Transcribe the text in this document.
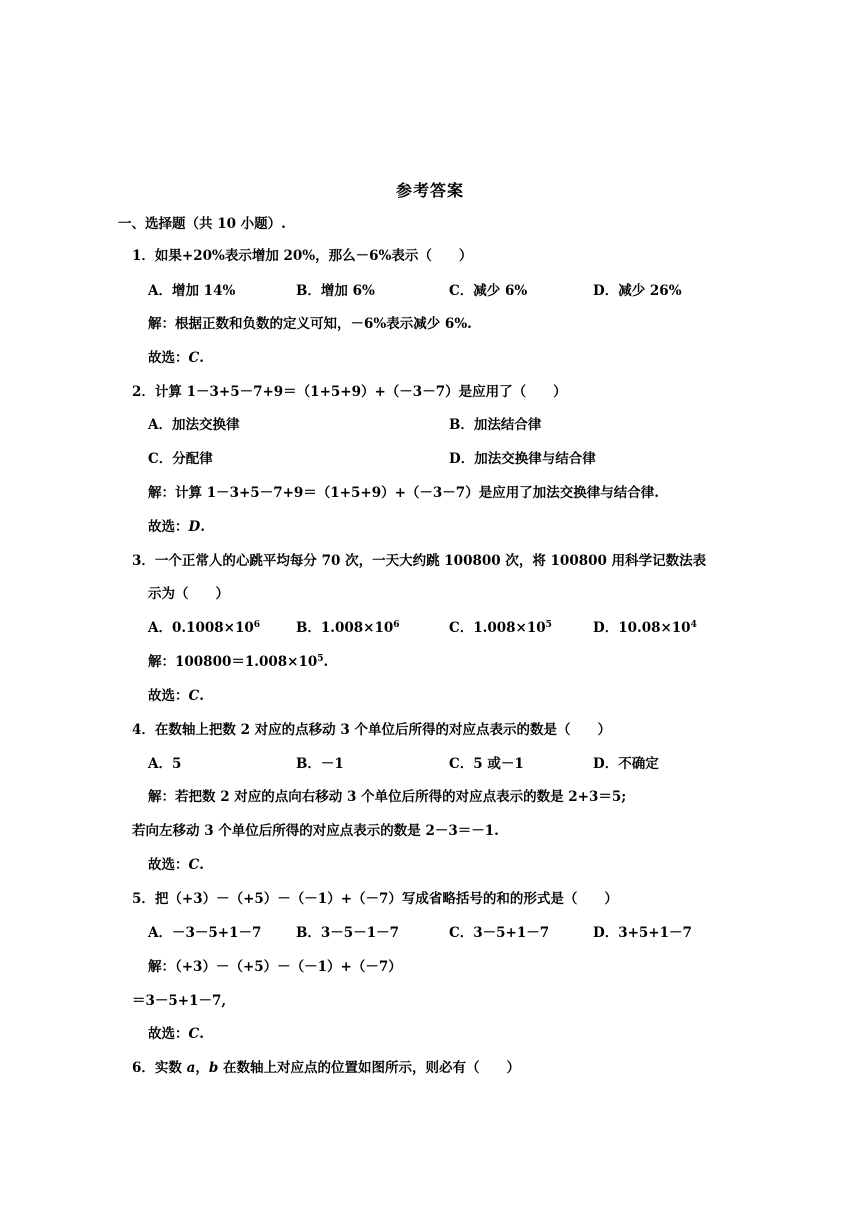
参考答案
一、选择题（共 10 小题）.
1．如果+20%表示增加 20%，那么－6%表示（　　）
A．增加 14%	B．增加 6%	C．减少 6%	D．减少 26%
解：根据正数和负数的定义可知，－6%表示减少 6%.
故选：C.
2．计算 1－3+5－7+9＝（1+5+9）+（－3－7）是应用了（　　）
A．加法交换律	B．加法结合律
C．分配律	D．加法交换律与结合律
解：计算 1－3+5－7+9＝（1+5+9）+（－3－7）是应用了加法交换律与结合律.
故选：D.
3．一个正常人的心跳平均每分 70 次，一天大约跳 100800 次，将 100800 用科学记数法表
示为（　　）
A．$0.1008\times 10^6$	B．$1.008\times 10^6$	C．$1.008\times 10^5$	D．$10.08\times 10^4$
解：$100800=1.008\times 10^5$.
故选：C.
4．在数轴上把数 2 对应的点移动 3 个单位后所得的对应点表示的数是（　　）
A．5	B．－1	C．5 或－1	D．不确定
解：若把数 2 对应的点向右移动 3 个单位后所得的对应点表示的数是 2+3＝5;
若向左移动 3 个单位后所得的对应点表示的数是 2－3＝－1.
故选：C.
5．把（+3）－（+5）－（－1）+（－7）写成省略括号的和的形式是（　　）
A．－3－5+1－7	B．3－5－1－7	C．3－5+1－7	D．3+5+1－7
解：（+3）－（+5）－（－1）+（－7）
＝3－5+1－7,
故选：C.
6．实数 a，b 在数轴上对应点的位置如图所示，则必有（　　）
